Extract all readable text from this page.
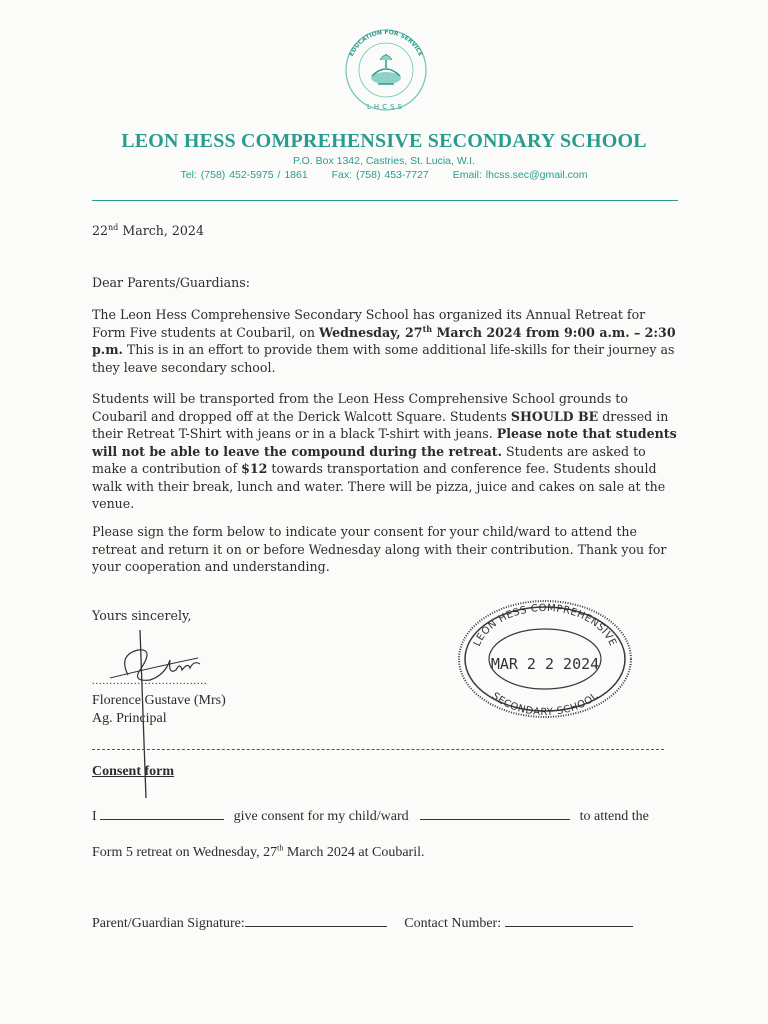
EDUCATION FOR SERVICE
LHCSS
LEON HESS COMPREHENSIVE SECONDARY SCHOOL
P.O. Box 1342, Castries, St. Lucia, W.I.
Tel: (758) 452-5975 / 1861 Fax: (758) 453-7727 Email: lhcss.sec@gmail.com

22nd March, 2024

Dear Parents/Guardians:

The Leon Hess Comprehensive Secondary School has organized its Annual Retreat for Form Five students at Coubaril, on Wednesday, 27th March 2024 from 9:00 a.m. – 2:30 p.m. This is in an effort to provide them with some additional life-skills for their journey as they leave secondary school.

Students will be transported from the Leon Hess Comprehensive School grounds to Coubaril and dropped off at the Derick Walcott Square. Students SHOULD BE dressed in their Retreat T-Shirt with jeans or in a black T-shirt with jeans. Please note that students will not be able to leave the compound during the retreat. Students are asked to make a contribution of $12 towards transportation and conference fee. Students should walk with their break, lunch and water. There will be pizza, juice and cakes on sale at the venue.

Please sign the form below to indicate your consent for your child/ward to attend the retreat and return it on or before Wednesday along with their contribution. Thank you for your cooperation and understanding.

Yours sincerely,

.................................
Florence Gustave (Mrs)
Ag. Principal
LEON HESS COMPREHENSIVE
SECONDARY SCHOOL
MAR 2 2 2024
Consent form
I	give consent for my child/ward	to attend the
Form 5 retreat on Wednesday, 27th March 2024 at Coubaril.
Parent/Guardian Signature:	Contact Number:
